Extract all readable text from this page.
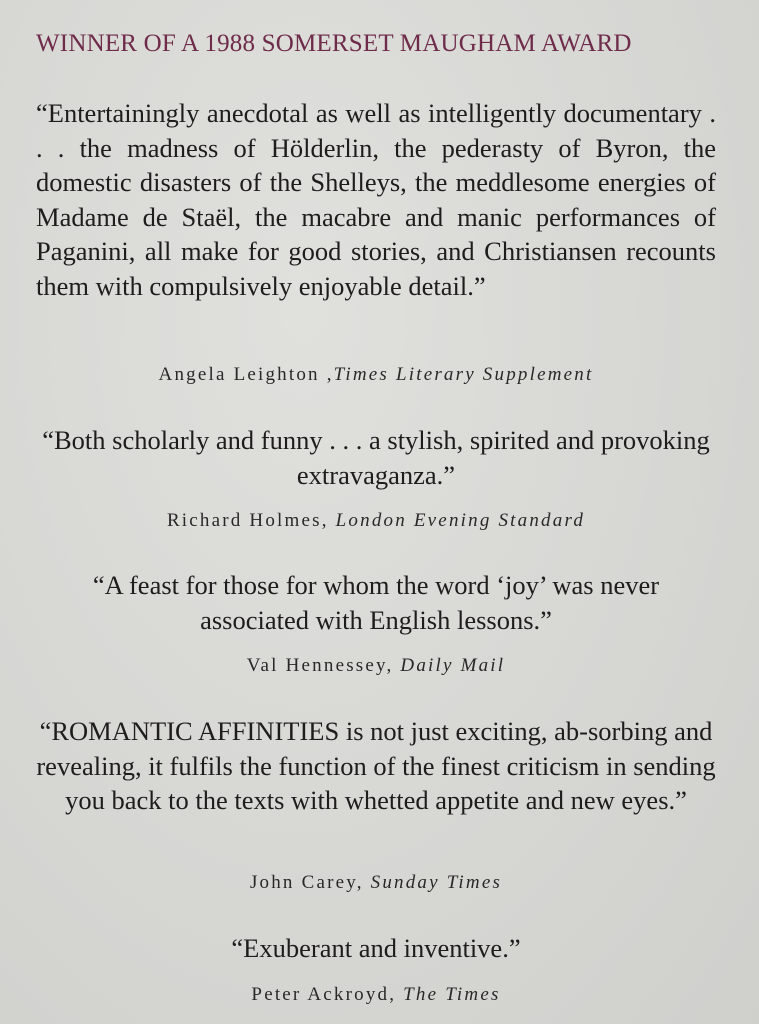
WINNER OF A 1988 SOMERSET MAUGHAM AWARD
“Entertainingly anecdotal as well as intelligently documentary . . . the madness of Hölderlin, the pederasty of Byron, the domestic disasters of the Shelleys, the meddlesome energies of Madame de Staël, the macabre and manic performances of Paganini, all make for good stories, and Christiansen recounts them with compulsively enjoyable detail.”
Angela Leighton ,Times Literary Supplement
“Both scholarly and funny . . . a stylish, spirited and provoking extravaganza.”
Richard Holmes, London Evening Standard
“A feast for those for whom the word ‘joy’ was never associated with English lessons.”
Val Hennessey, Daily Mail
“ROMANTIC AFFINITIES is not just exciting, ab-sorbing and revealing, it fulfils the function of the finest criticism in sending you back to the texts with whetted appetite and new eyes.”
John Carey, Sunday Times
“Exuberant and inventive.”
Peter Ackroyd, The Times
